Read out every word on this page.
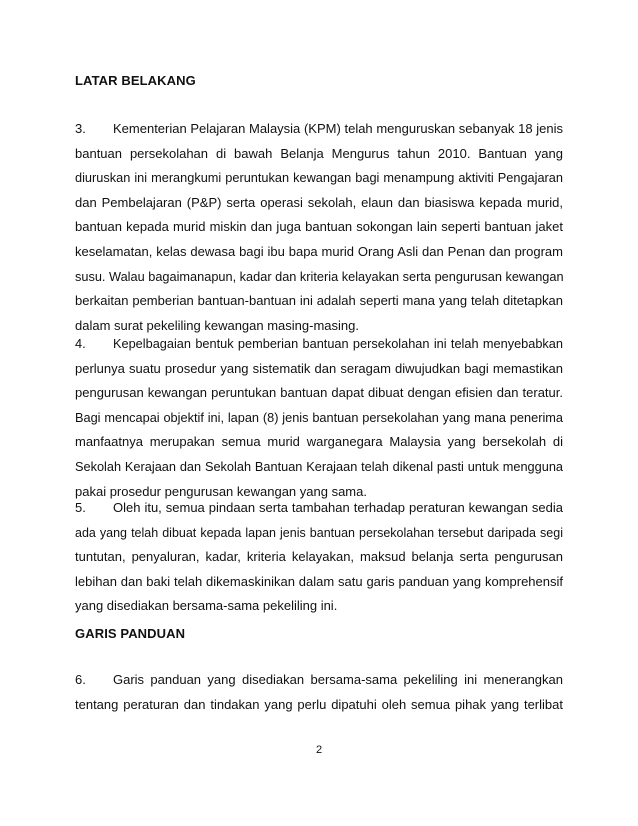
LATAR BELAKANG
3. Kementerian Pelajaran Malaysia (KPM) telah menguruskan sebanyak 18 jenis
bantuan persekolahan di bawah Belanja Mengurus tahun 2010. Bantuan yang
diuruskan ini merangkumi peruntukan kewangan bagi menampung aktiviti Pengajaran
dan Pembelajaran (P&P) serta operasi sekolah, elaun dan biasiswa kepada murid,
bantuan kepada murid miskin dan juga bantuan sokongan lain seperti bantuan jaket
keselamatan, kelas dewasa bagi ibu bapa murid Orang Asli dan Penan dan program
susu. Walau bagaimanapun, kadar dan kriteria kelayakan serta pengurusan kewangan
berkaitan pemberian bantuan-bantuan ini adalah seperti mana yang telah ditetapkan
dalam surat pekeliling kewangan masing-masing.
4. Kepelbagaian bentuk pemberian bantuan persekolahan ini telah menyebabkan
perlunya suatu prosedur yang sistematik dan seragam diwujudkan bagi memastikan
pengurusan kewangan peruntukan bantuan dapat dibuat dengan efisien dan teratur.
Bagi mencapai objektif ini, lapan (8) jenis bantuan persekolahan yang mana penerima
manfaatnya merupakan semua murid warganegara Malaysia yang bersekolah di
Sekolah Kerajaan dan Sekolah Bantuan Kerajaan telah dikenal pasti untuk mengguna
pakai prosedur pengurusan kewangan yang sama.
5. Oleh itu, semua pindaan serta tambahan terhadap peraturan kewangan sedia
ada yang telah dibuat kepada lapan jenis bantuan persekolahan tersebut daripada segi
tuntutan, penyaluran, kadar, kriteria kelayakan, maksud belanja serta pengurusan
lebihan dan baki telah dikemaskinikan dalam satu garis panduan yang komprehensif
yang disediakan bersama-sama pekeliling ini.
GARIS PANDUAN
6. Garis panduan yang disediakan bersama-sama pekeliling ini menerangkan
tentang peraturan dan tindakan yang perlu dipatuhi oleh semua pihak yang terlibat
2
